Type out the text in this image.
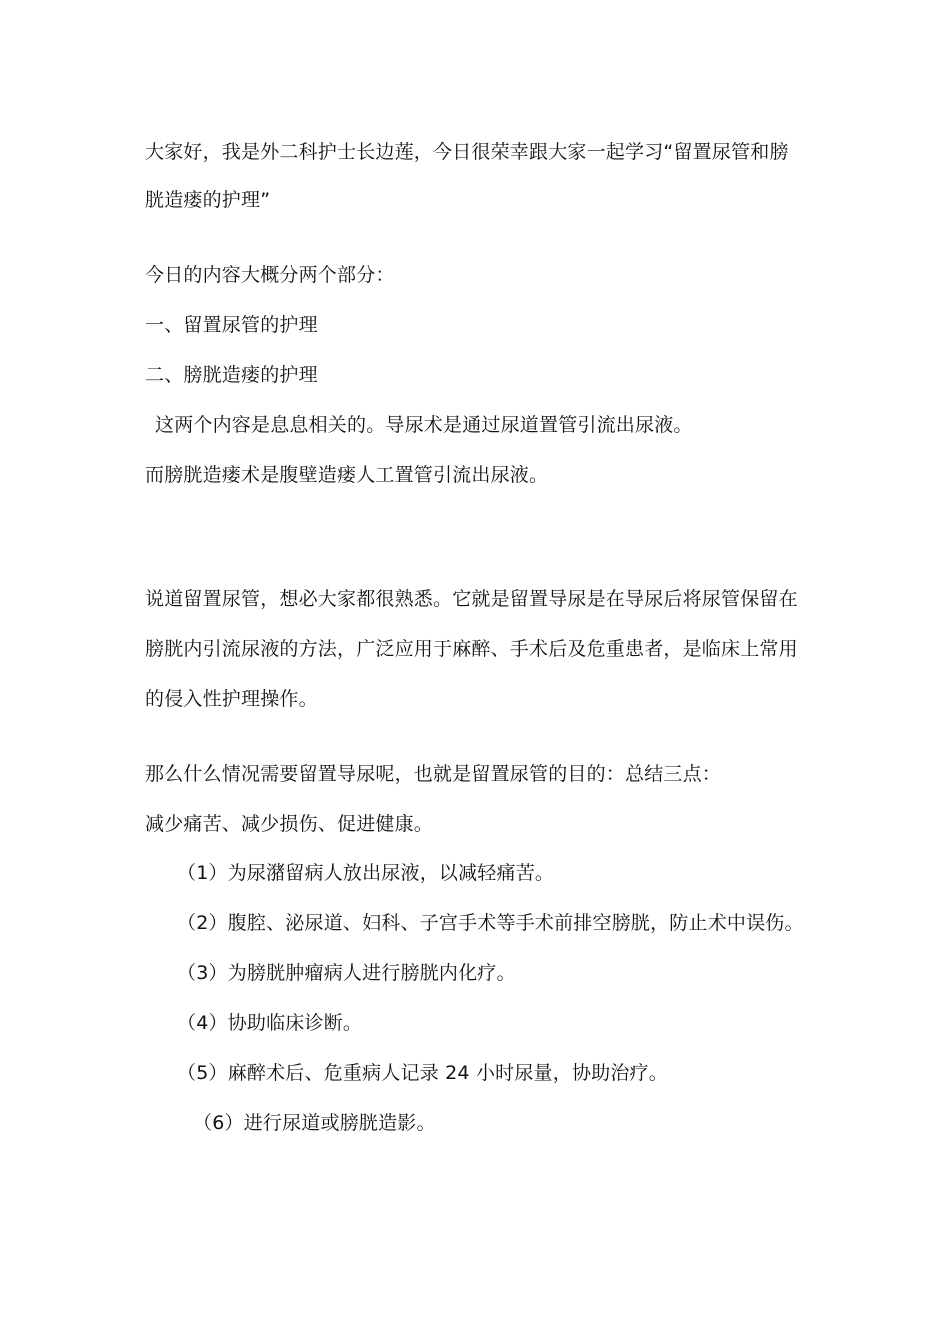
大家好，我是外二科护士长边莲，今日很荣幸跟大家一起学习“留置尿管和膀
胱造瘘的护理”
今日的内容大概分两个部分：
一、留置尿管的护理
二、膀胱造瘘的护理
这两个内容是息息相关的。导尿术是通过尿道置管引流出尿液。
而膀胱造瘘术是腹壁造瘘人工置管引流出尿液。
说道留置尿管，想必大家都很熟悉。它就是留置导尿是在导尿后将尿管保留在
膀胱内引流尿液的方法，广泛应用于麻醉、手术后及危重患者，是临床上常用
的侵入性护理操作。
那么什么情况需要留置导尿呢，也就是留置尿管的目的：总结三点：
减少痛苦、减少损伤、促进健康。
（1）为尿潴留病人放出尿液，以减轻痛苦。
（2）腹腔、泌尿道、妇科、子宫手术等手术前排空膀胱，防止术中误伤。
（3）为膀胱肿瘤病人进行膀胱内化疗。
（4）协助临床诊断。
（5）麻醉术后、危重病人记录 24 小时尿量，协助治疗。
（6）进行尿道或膀胱造影。
